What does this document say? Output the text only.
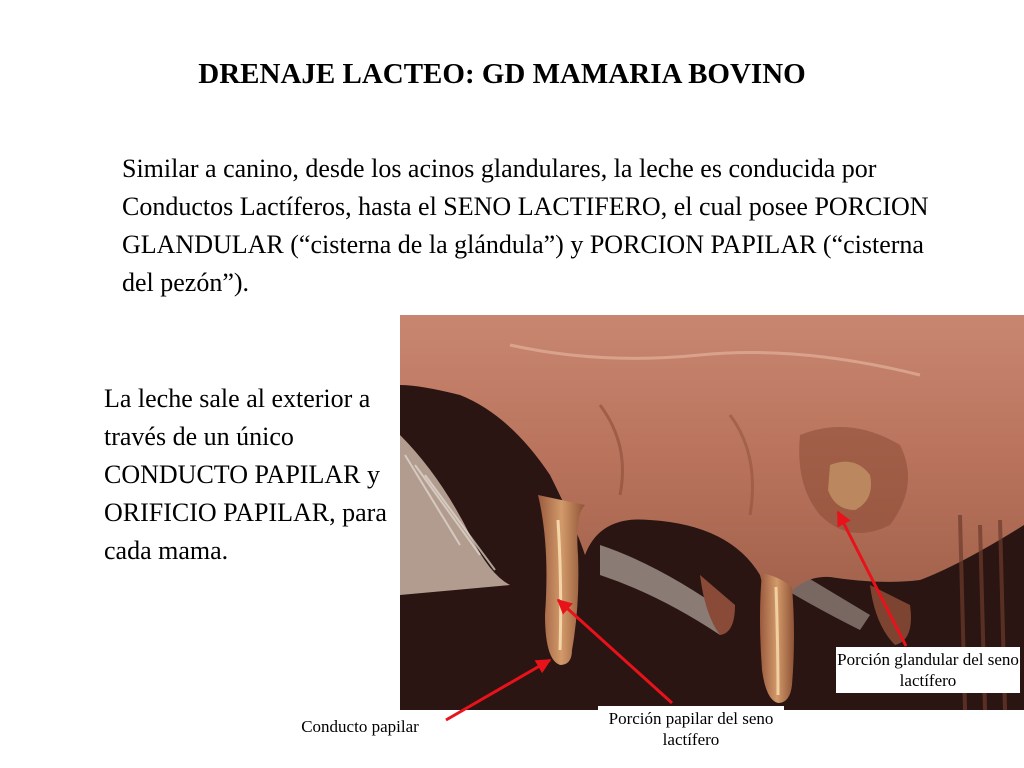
DRENAJE LACTEO: GD MAMARIA BOVINO
Similar a canino, desde los acinos glandulares, la leche es conducida por Conductos Lactíferos, hasta el SENO LACTIFERO, el cual posee PORCION GLANDULAR (“cisterna de la glándula”) y PORCION PAPILAR (“cisterna del pezón”).
La leche sale al exterior a través de un único CONDUCTO PAPILAR y ORIFICIO PAPILAR, para cada mama.
Porción glandular del seno lactífero
Porción papilar del seno lactífero
Conducto papilar
